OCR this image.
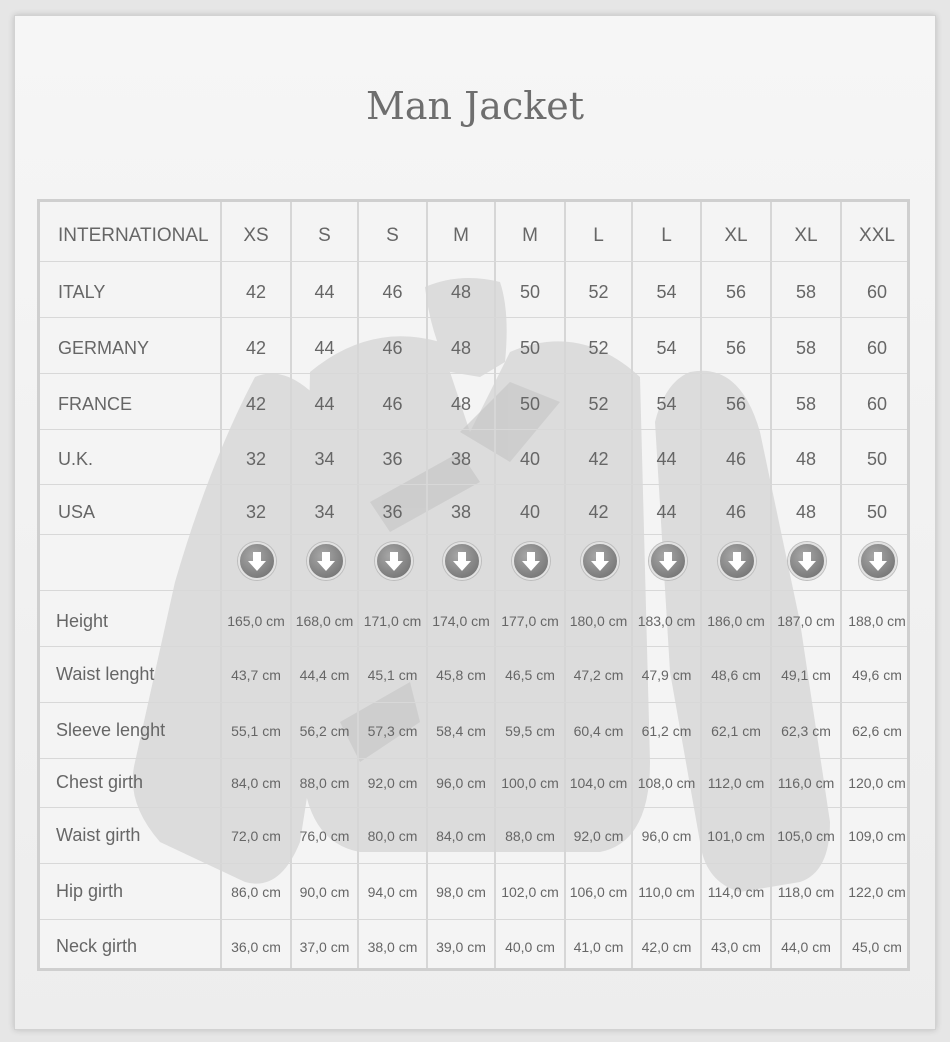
Man Jacket
INTERNATIONAL	XS	S	S	M	M	L	L	XL	XL	XXL
ITALY	42	44	46	48	50	52	54	56	58	60
GERMANY	42	44	46	48	50	52	54	56	58	60
FRANCE	42	44	46	48	50	52	54	56	58	60
U.K.	32	34	36	38	40	42	44	46	48	50
USA	32	34	36	38	40	42	44	46	48	50
Height	165,0 cm 168,0 cm 171,0 cm 174,0 cm 177,0 cm 180,0 cm 183,0 cm 186,0 cm 187,0 cm 188,0 cm
Waist lenght	43,7 cm	44,4 cm	45,1 cm	45,8 cm	46,5 cm	47,2 cm	47,9 cm	48,6 cm	49,1 cm	49,6 cm
Sleeve lenght	55,1 cm	56,2 cm	57,3 cm	58,4 cm	59,5 cm	60,4 cm	61,2 cm	62,1 cm	62,3 cm	62,6 cm
Chest girth	84,0 cm	88,0 cm	92,0 cm	96,0 cm	100,0 cm 104,0 cm 108,0 cm 112,0 cm 116,0 cm 120,0 cm
Waist girth	72,0 cm	76,0 cm	80,0 cm	84,0 cm	88,0 cm	92,0 cm	96,0 cm	101,0 cm 105,0 cm 109,0 cm
Hip girth	86,0 cm	90,0 cm	94,0 cm	98,0 cm	102,0 cm 106,0 cm 110,0 cm 114,0 cm 118,0 cm 122,0 cm
Neck girth	36,0 cm	37,0 cm	38,0 cm	39,0 cm	40,0 cm	41,0 cm	42,0 cm	43,0 cm	44,0 cm	45,0 cm
